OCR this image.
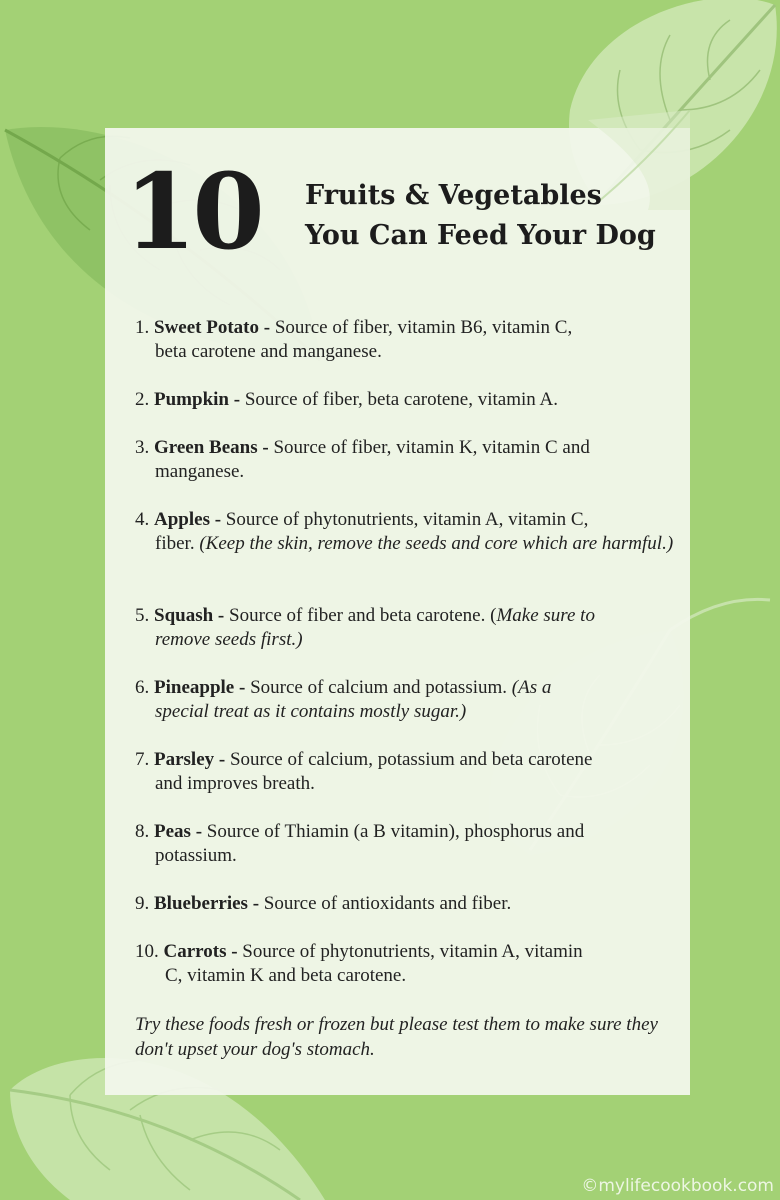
10 Fruits & Vegetables
You Can Feed Your Dog
1. Sweet Potato - Source of fiber, vitamin B6, vitamin C,
beta carotene and manganese.
2. Pumpkin - Source of fiber, beta carotene, vitamin A.
3. Green Beans - Source of fiber, vitamin K, vitamin C and
manganese.
4. Apples - Source of phytonutrients, vitamin A, vitamin C,
fiber. (Keep the skin, remove the seeds and core which are harmful.)
5. Squash - Source of fiber and beta carotene. (Make sure to
remove seeds first.)
6. Pineapple - Source of calcium and potassium. (As a
special treat as it contains mostly sugar.)
7. Parsley - Source of calcium, potassium and beta carotene
and improves breath.
8. Peas - Source of Thiamin (a B vitamin), phosphorus and
potassium.
9. Blueberries - Source of antioxidants and fiber.
10. Carrots - Source of phytonutrients, vitamin A, vitamin
C, vitamin K and beta carotene.
Try these foods fresh or frozen but please test them to make sure they don't upset your dog's stomach.
©mylifecookbook.com
